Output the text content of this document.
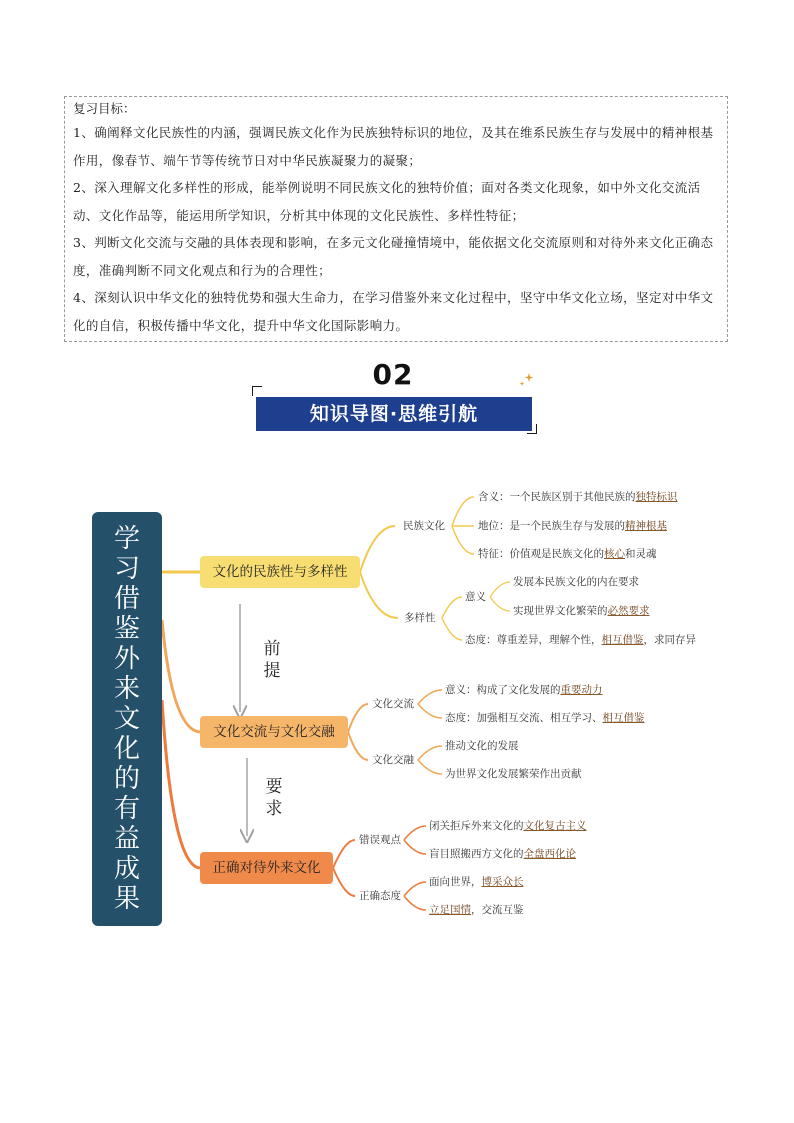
复习目标：
1、确阐释文化民族性的内涵，强调民族文化作为民族独特标识的地位，及其在维系民族生存与发展中的精神根基作用，像春节、端午节等传统节日对中华民族凝聚力的凝聚；
2、深入理解文化多样性的形成，能举例说明不同民族文化的独特价值；面对各类文化现象，如中外文化交流活动、文化作品等，能运用所学知识，分析其中体现的文化民族性、多样性特征；
3、判断文化交流与交融的具体表现和影响，在多元文化碰撞情境中，能依据文化交流原则和对待外来文化正确态度，准确判断不同文化观点和行为的合理性；
4、深刻认识中华文化的独特优势和强大生命力，在学习借鉴外来文化过程中，坚守中华文化立场，坚定对中华文化的自信，积极传播中华文化，提升中华文化国际影响力。
02
知识导图·思维引航
学
习
借
鉴
外
来
文
化
的
有
益
成
果
文化的民族性与多样性
文化交流与文化交融
正确对待外来文化
前
提
要
求
民族文化
多样性
意义
含义：一个民族区别于其他民族的独特标识
地位：是一个民族生存与发展的精神根基
特征：价值观是民族文化的核心和灵魂
发展本民族文化的内在要求
实现世界文化繁荣的必然要求
态度：尊重差异，理解个性，相互借鉴，求同存异
文化交流
文化交融
意义：构成了文化发展的重要动力
态度：加强相互交流、相互学习、相互借鉴
推动文化的发展
为世界文化发展繁荣作出贡献
错误观点
正确态度
闭关拒斥外来文化的文化复古主义
盲目照搬西方文化的全盘西化论
面向世界，博采众长
立足国情，交流互鉴
